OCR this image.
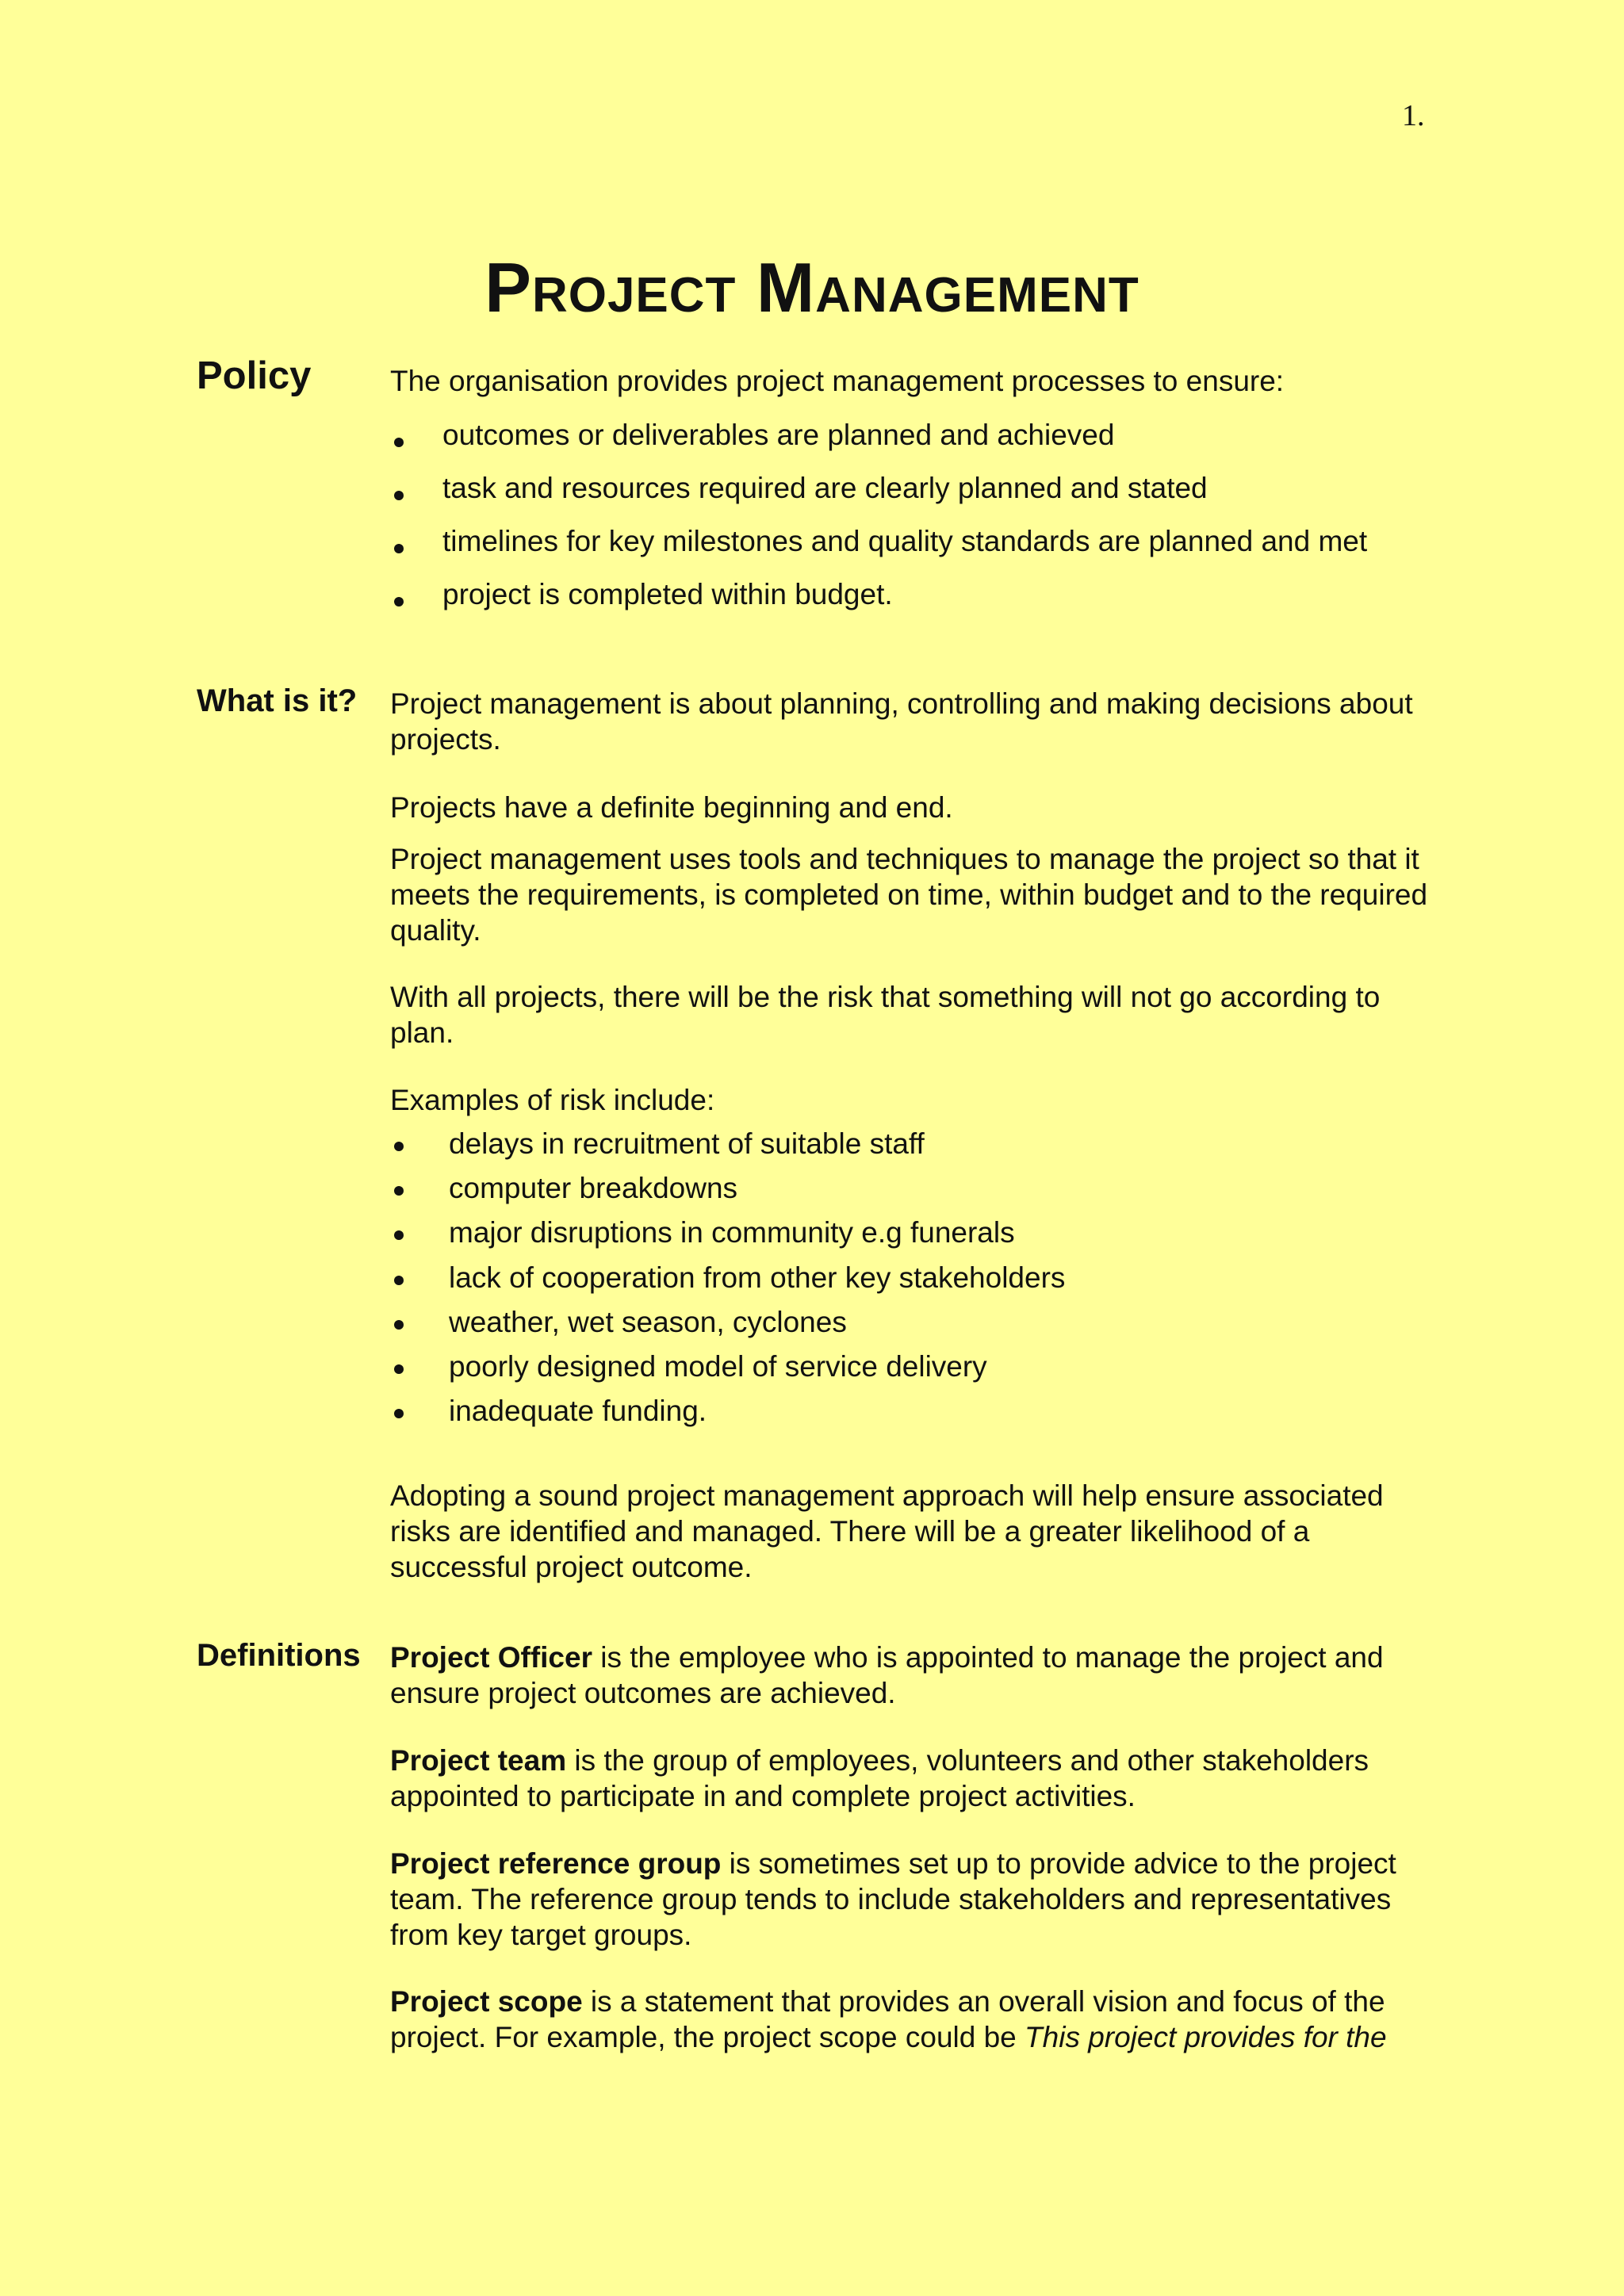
1.
Project Management
Policy	The organisation provides project management processes to ensure:

outcomes or deliverables are planned and achieved
task and resources required are clearly planned and stated
timelines for key milestones and quality standards are planned and met
project is completed within budget.
What is it? Project management is about planning, controlling and making decisions about projects.

Projects have a definite beginning and end.

Project management uses tools and techniques to manage the project so that it meets the requirements, is completed on time, within budget and to the required quality.

With all projects, there will be the risk that something will not go according to plan.

Examples of risk include:

delays in recruitment of suitable staff
computer breakdowns
major disruptions in community e.g funerals
lack of cooperation from other key stakeholders
weather, wet season, cyclones
poorly designed model of service delivery
inadequate funding.

Adopting a sound project management approach will help ensure associated risks are identified and managed. There will be a greater likelihood of a successful project outcome.

Definitions Project Officer is the employee who is appointed to manage the project and ensure project outcomes are achieved.

Project team is the group of employees, volunteers and other stakeholders appointed to participate in and complete project activities.

Project reference group is sometimes set up to provide advice to the project team. The reference group tends to include stakeholders and representatives from key target groups.

Project scope is a statement that provides an overall vision and focus of the project. For example, the project scope could be This project provides for the
